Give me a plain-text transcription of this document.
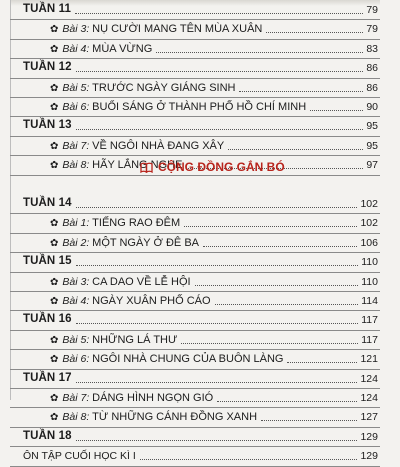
TUẦN 11	79
✿ Bài 3: NỤ CƯỜI MANG TÊN MÙA XUÂN	79
✿ Bài 4: MÙA VỪNG	83
TUẦN 12	86
✿ Bài 5: TRƯỚC NGÀY GIÁNG SINH	86
✿ Bài 6: BUỔI SÁNG Ở THÀNH PHỐ HỒ CHÍ MINH	90
TUẦN 13	95
✿ Bài 7: VỀ NGÔI NHÀ ĐANG XÂY	95
✿ Bài 8: HÃY LẮNG NGHE	97
TUẦN 14	102
✿ Bài 1: TIẾNG RAO ĐÊM	102
✿ Bài 2: MỘT NGÀY Ở ĐÊ BA	106
TUẦN 15	110
✿ Bài 3: CA DAO VỀ LỄ HỘI	110
✿ Bài 4: NGÀY XUÂN PHỐ CÁO	114
TUẦN 16	117
✿ Bài 5: NHỮNG LÁ THƯ	117
✿ Bài 6: NGÔI NHÀ CHUNG CỦA BUÔN LÀNG	121
TUẦN 17	124
✿ Bài 7: DÁNG HÌNH NGỌN GIÓ	124
✿ Bài 8: TỪ NHỮNG CÁNH ĐỒNG XANH	127
TUẦN 18	129
ÔN TẬP CUỐI HỌC KÌ I	129
CỘNG ĐỒNG GẮN BÓ
